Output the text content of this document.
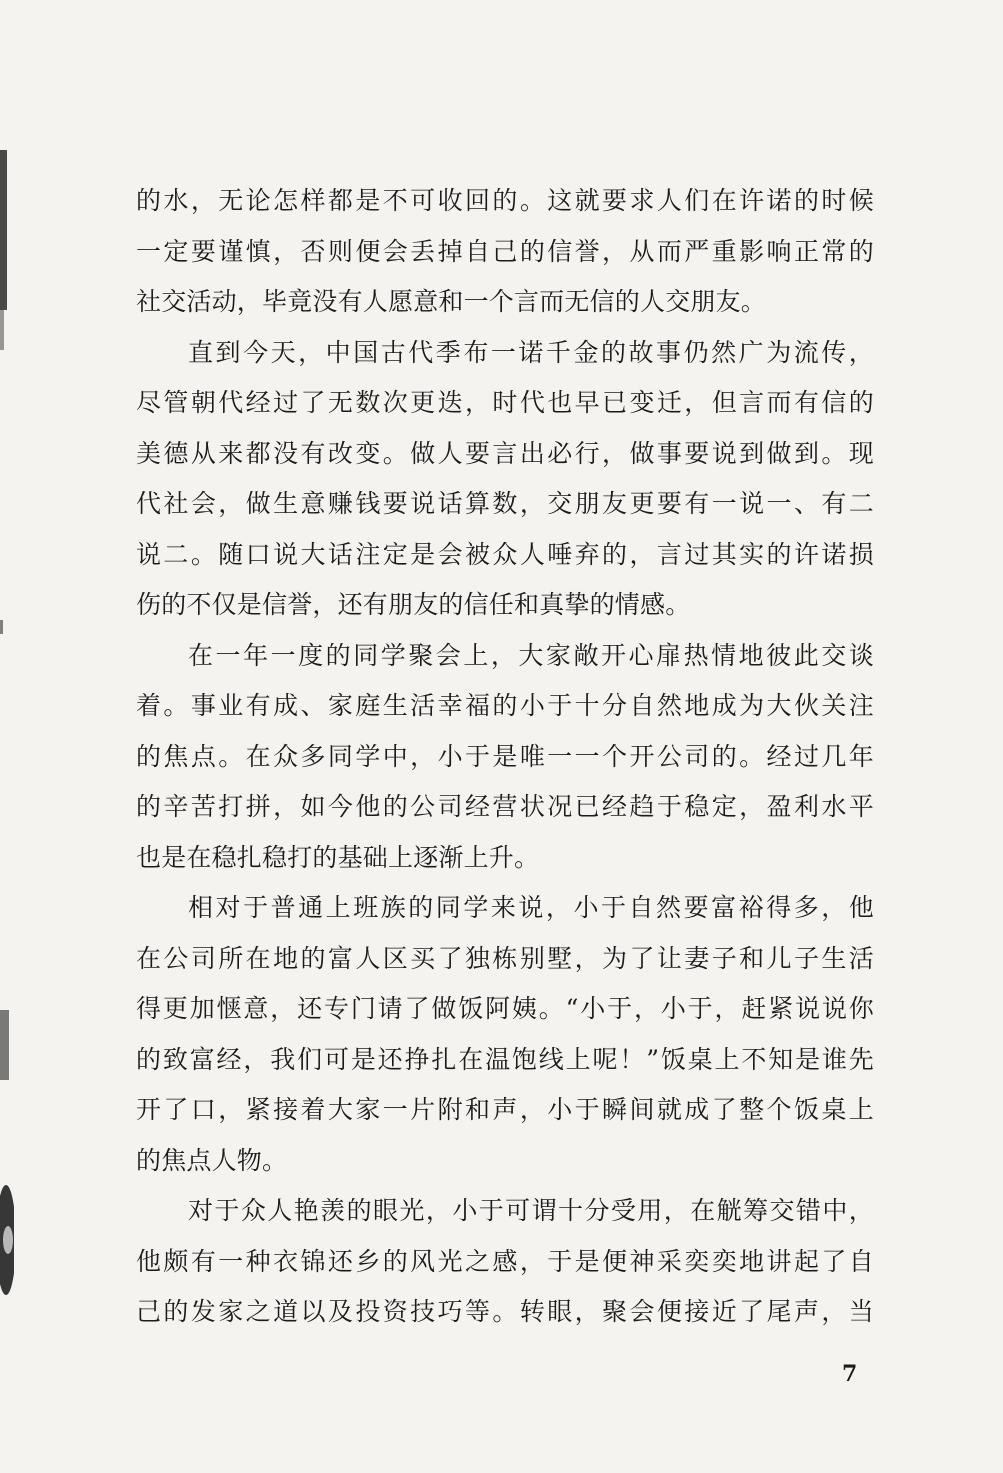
的水，无论怎样都是不可收回的。这就要求人们在许诺的时候
一定要谨慎，否则便会丢掉自己的信誉，从而严重影响正常的
社交活动，毕竟没有人愿意和一个言而无信的人交朋友。
直到今天，中国古代季布一诺千金的故事仍然广为流传，
尽管朝代经过了无数次更迭，时代也早已变迁，但言而有信的
美德从来都没有改变。做人要言出必行，做事要说到做到。现
代社会，做生意赚钱要说话算数，交朋友更要有一说一、有二
说二。随口说大话注定是会被众人唾弃的，言过其实的许诺损
伤的不仅是信誉，还有朋友的信任和真挚的情感。
在一年一度的同学聚会上，大家敞开心扉热情地彼此交谈
着。事业有成、家庭生活幸福的小于十分自然地成为大伙关注
的焦点。在众多同学中，小于是唯一一个开公司的。经过几年
的辛苦打拼，如今他的公司经营状况已经趋于稳定，盈利水平
也是在稳扎稳打的基础上逐渐上升。
相对于普通上班族的同学来说，小于自然要富裕得多，他
在公司所在地的富人区买了独栋别墅，为了让妻子和儿子生活
得更加惬意，还专门请了做饭阿姨。“小于，小于，赶紧说说你
的致富经，我们可是还挣扎在温饱线上呢！”饭桌上不知是谁先
开了口，紧接着大家一片附和声，小于瞬间就成了整个饭桌上
的焦点人物。
对于众人艳羡的眼光，小于可谓十分受用，在觥筹交错中，
他颇有一种衣锦还乡的风光之感，于是便神采奕奕地讲起了自
己的发家之道以及投资技巧等。转眼，聚会便接近了尾声，当
7
